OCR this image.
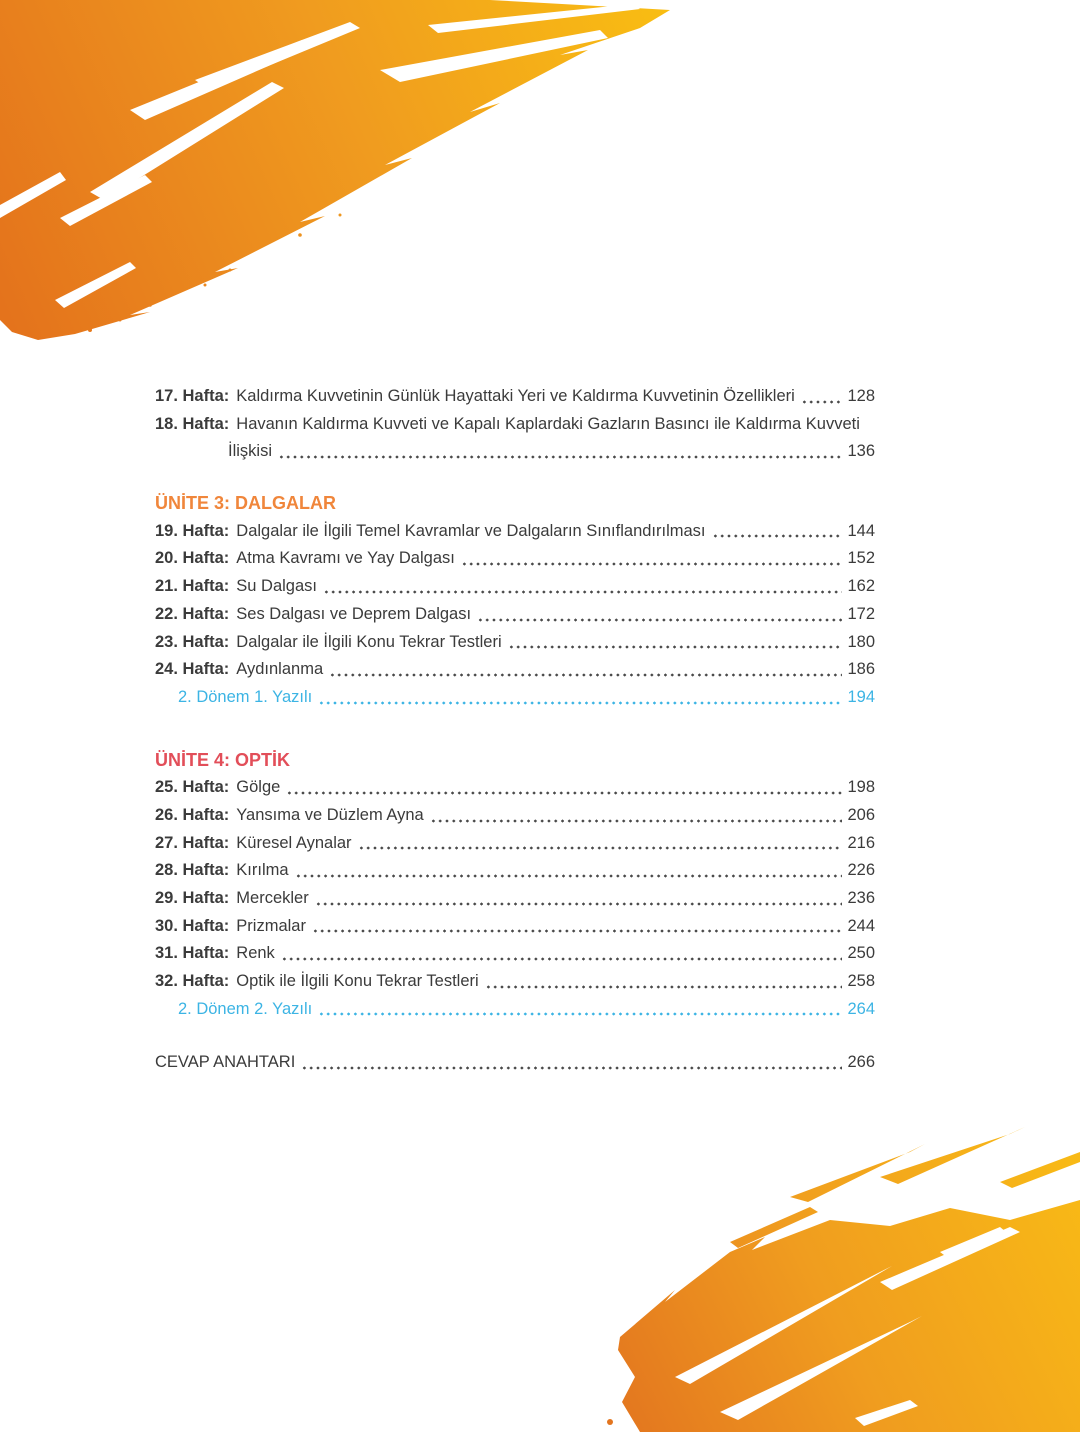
17. Hafta: Kaldırma Kuvvetinin Günlük Hayattaki Yeri ve Kaldırma Kuvvetinin Özellikleri	128
18. Hafta: Havanın Kaldırma Kuvveti ve Kapalı Kaplardaki Gazların Basıncı ile Kaldırma Kuvveti
İlişkisi	136
ÜNİTE 3: DALGALAR
19. Hafta: Dalgalar ile İlgili Temel Kavramlar ve Dalgaların Sınıflandırılması	144
20. Hafta: Atma Kavramı ve Yay Dalgası	152
21. Hafta: Su Dalgası	162
22. Hafta: Ses Dalgası ve Deprem Dalgası	172
23. Hafta: Dalgalar ile İlgili Konu Tekrar Testleri	180
24. Hafta: Aydınlanma	186
2. Dönem 1. Yazılı	194
ÜNİTE 4: OPTİK
25. Hafta: Gölge	198
26. Hafta: Yansıma ve Düzlem Ayna	206
27. Hafta: Küresel Aynalar	216
28. Hafta: Kırılma	226
29. Hafta: Mercekler	236
30. Hafta: Prizmalar	244
31. Hafta: Renk	250
32. Hafta: Optik ile İlgili Konu Tekrar Testleri	258
2. Dönem 2. Yazılı	264
CEVAP ANAHTARI	266
